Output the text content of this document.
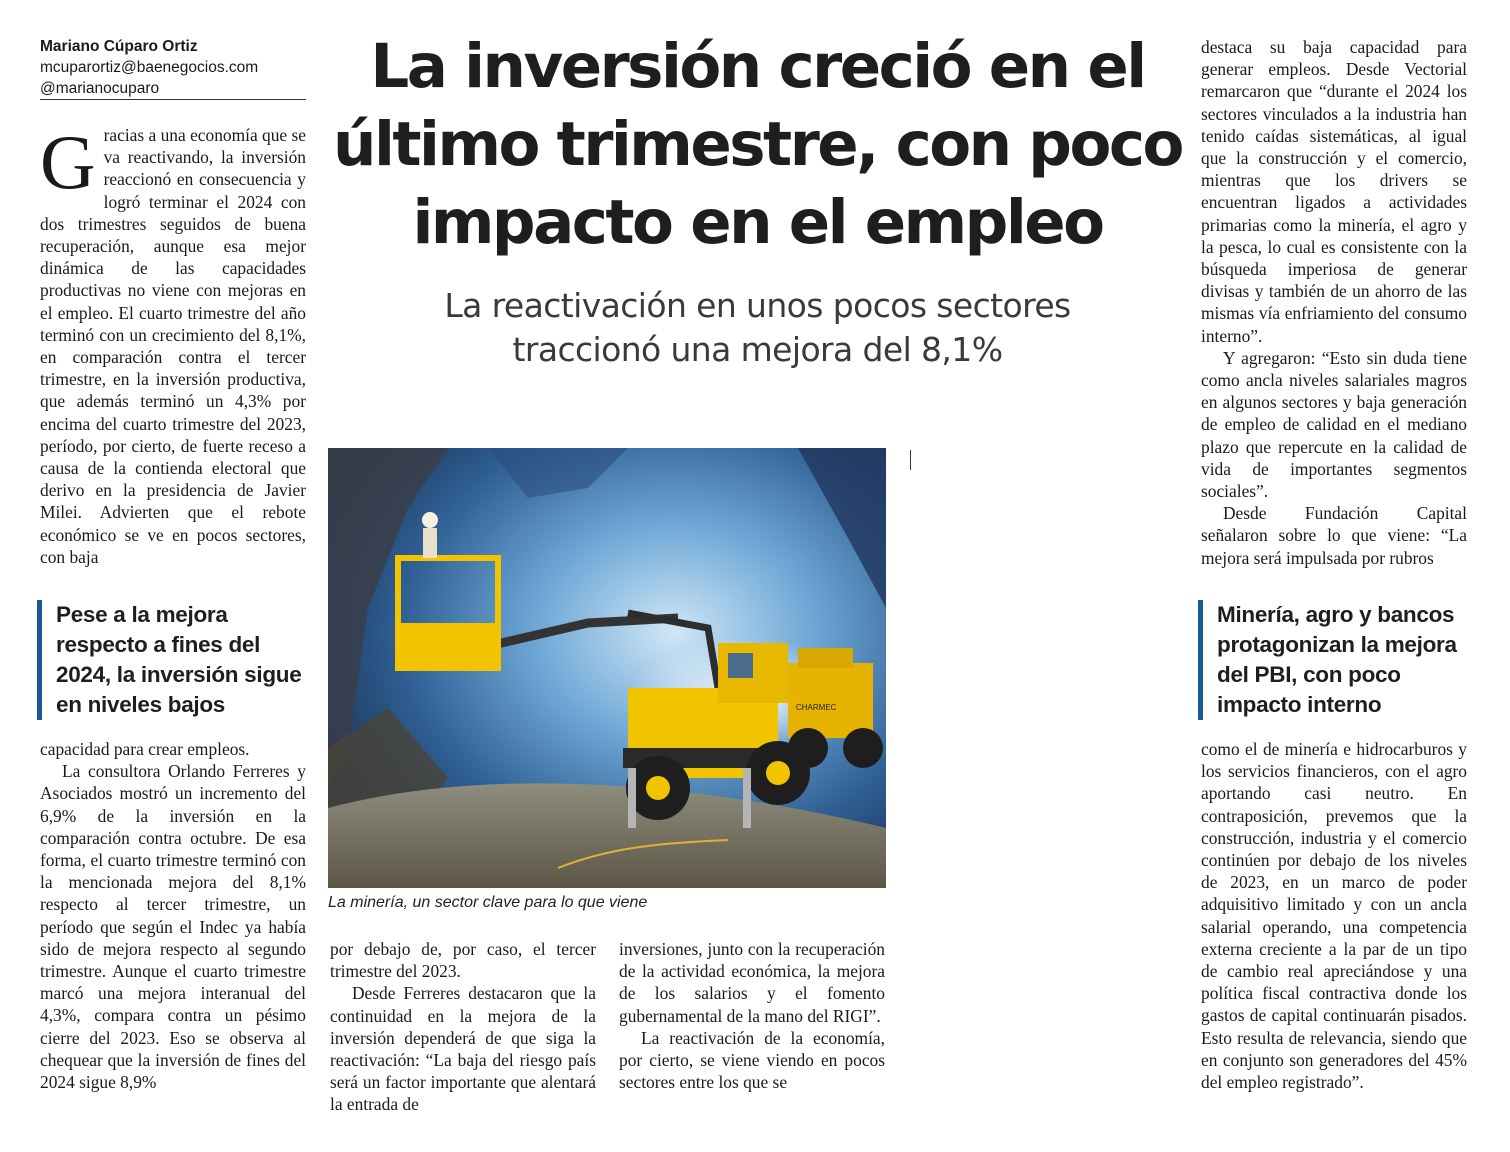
Mariano Cúparo Ortiz
mcuparortiz@baenegocios.com
@marianocuparo	La inversión creció en el
último trimestre, con poco
impacto en el empleo
La reactivación en unos pocos sectores
traccionó una mejora del 8,1%
G racias a una economía que se va reactivando, la inversión reaccionó en consecuencia y logró terminar el 2024 con dos trimestres seguidos de buena recuperación, aunque esa mejor dinámica de las capacidades productivas no viene con mejoras en el empleo. El cuarto trimestre del año terminó con un crecimiento del 8,1%, en comparación contra el tercer trimestre, en la inversión productiva, que además terminó un 4,3% por encima del cuarto trimestre del 2023, período, por cierto, de fuerte receso a causa de la contienda electoral que derivo en la presidencia de Javier Milei. Advierten que el rebote económico se ve en pocos sectores, con baja

Pese a la mejora respecto a fines del 2024, la inversión sigue en niveles bajos

capacidad para crear empleos.

La consultora Orlando Ferreres y Asociados mostró un incremento del 6,9% de la inversión en la comparación contra octubre. De esa forma, el cuarto trimestre terminó con la mencionada mejora del 8,1% respecto al tercer trimestre, un período que según el Indec ya había sido de mejora respecto al segundo trimestre. Aunque el cuarto trimestre marcó una mejora interanual del 4,3%, compara contra un pésimo cierre del 2023. Eso se observa al chequear que la inversión de fines del 2024 sigue 8,9%

CHARMEC
La minería, un sector clave para lo que viene

por debajo de, por caso, el tercer trimestre del 2023.

Desde Ferreres destacaron que la continuidad en la mejora de la inversión dependerá de que siga la reactivación: “La baja del riesgo país será un factor importante que alentará la entrada de

inversiones, junto con la recuperación de la actividad económica, la mejora de los salarios y el fomento gubernamental de la mano del RIGI”.

La reactivación de la economía, por cierto, se viene viendo en pocos sectores entre los que se

destaca su baja capacidad para generar empleos. Desde Vectorial remarcaron que “durante el 2024 los sectores vinculados a la industria han tenido caídas sistemáticas, al igual que la construcción y el comercio, mientras que los drivers se encuentran ligados a actividades primarias como la minería, el agro y la pesca, lo cual es consistente con la búsqueda imperiosa de generar divisas y también de un ahorro de las mismas vía enfriamiento del consumo interno”.

Y agregaron: “Esto sin duda tiene como ancla niveles salariales magros en algunos sectores y baja generación de empleo de calidad en el mediano plazo que repercute en la calidad de vida de importantes segmentos sociales”.

Desde Fundación Capital señalaron sobre lo que viene: “La mejora será impulsada por rubros

Minería, agro y bancos protagonizan la mejora del PBI, con poco impacto interno

como el de minería e hidrocarburos y los servicios financieros, con el agro aportando casi neutro. En contraposición, prevemos que la construcción, industria y el comercio continúen por debajo de los niveles de 2023, en un marco de poder adquisitivo limitado y con un ancla salarial operando, una competencia externa creciente a la par de un tipo de cambio real apreciándose y una política fiscal contractiva donde los gastos de capital continuarán pisados. Esto resulta de relevancia, siendo que en conjunto son generadores del 45% del empleo registrado”.
